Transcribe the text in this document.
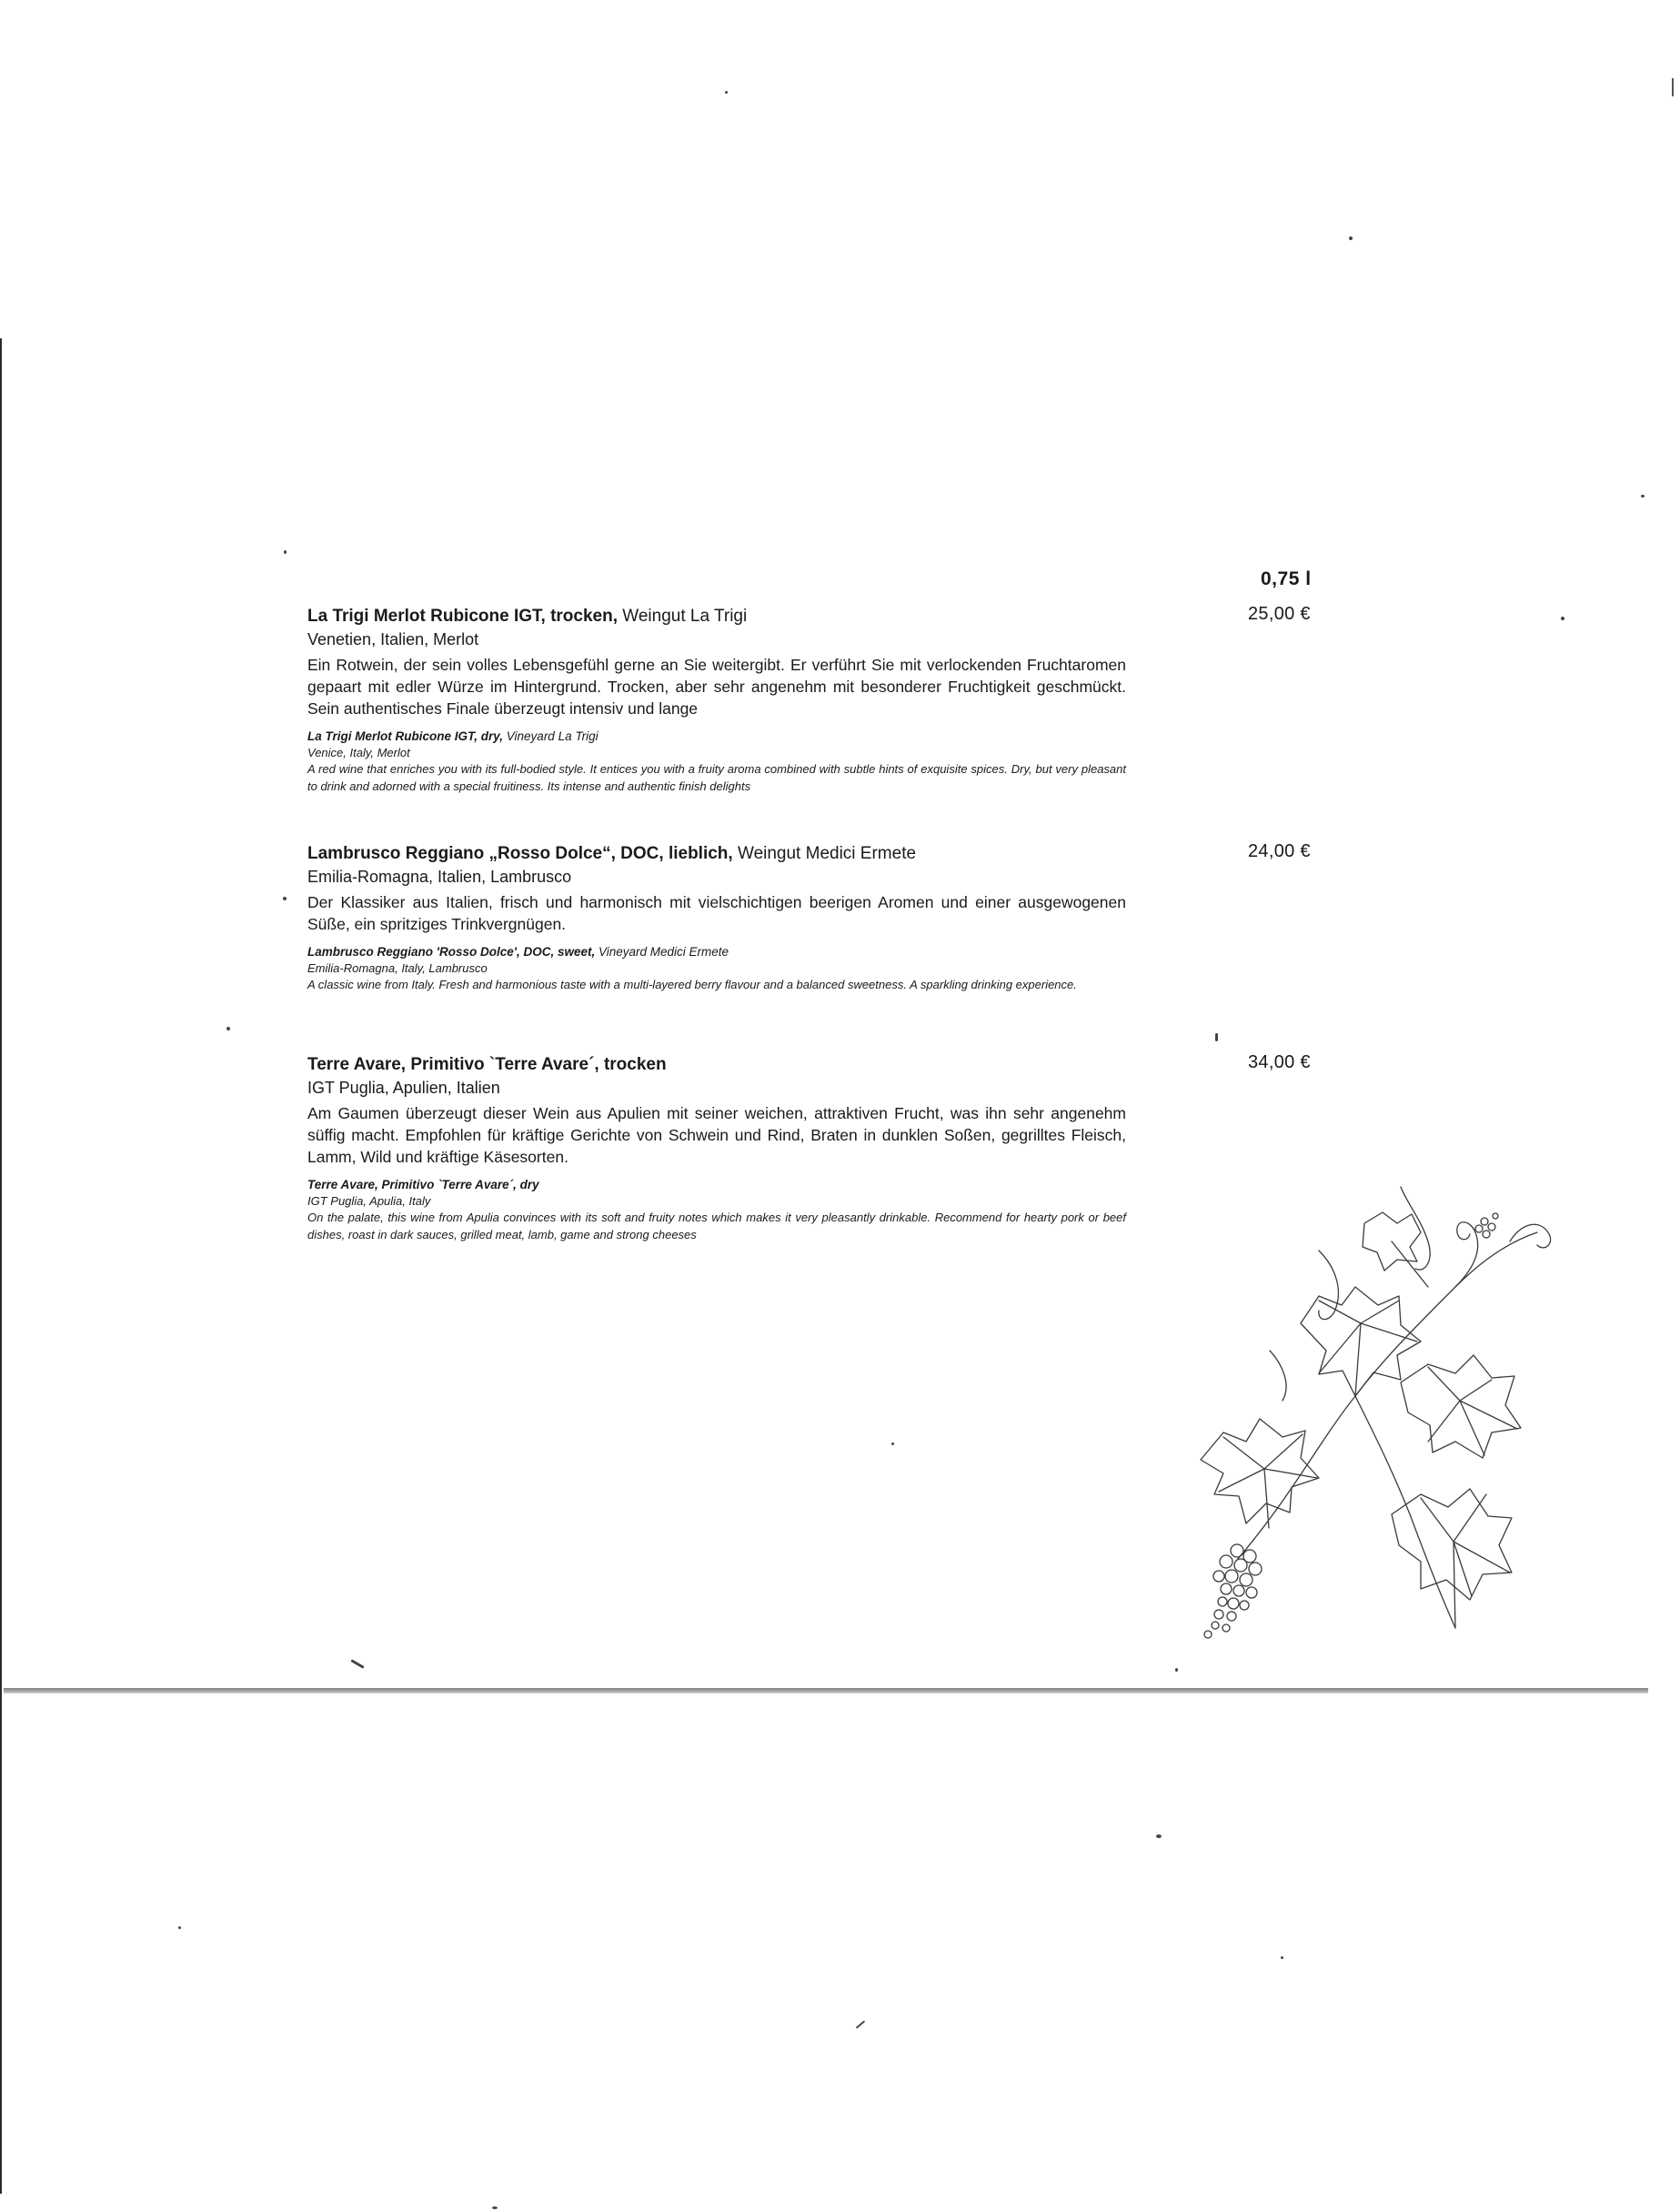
0,75 l
La Trigi Merlot Rubicone IGT, trocken, Weingut La Trigi
Venetien, Italien, Merlot
Ein Rotwein, der sein volles Lebensgefühl gerne an Sie weitergibt. Er verführt Sie mit verlockenden Fruchtaromen gepaart mit edler Würze im Hintergrund. Trocken, aber sehr angenehm mit besonderer Fruchtigkeit geschmückt. Sein authentisches Finale überzeugt intensiv und lange
La Trigi Merlot Rubicone IGT, dry, Vineyard La Trigi
Venice, Italy, Merlot
A red wine that enriches you with its full-bodied style. It entices you with a fruity aroma combined with subtle hints of exquisite spices. Dry, but very pleasant to drink and adorned with a special fruitiness. Its intense and authentic finish delights
25,00 €
Lambrusco Reggiano „Rosso Dolce“, DOC, lieblich, Weingut Medici Ermete
Emilia-Romagna, Italien, Lambrusco
Der Klassiker aus Italien, frisch und harmonisch mit vielschichtigen beerigen Aromen und einer ausgewogenen Süße, ein spritziges Trinkvergnügen.
Lambrusco Reggiano 'Rosso Dolce', DOC, sweet, Vineyard Medici Ermete
Emilia-Romagna, Italy, Lambrusco
A classic wine from Italy. Fresh and harmonious taste with a multi-layered berry flavour and a balanced sweetness. A sparkling drinking experience.
24,00 €
Terre Avare, Primitivo `Terre Avare´, trocken
IGT Puglia, Apulien, Italien
Am Gaumen überzeugt dieser Wein aus Apulien mit seiner weichen, attraktiven Frucht, was ihn sehr angenehm süffig macht. Empfohlen für kräftige Gerichte von Schwein und Rind, Braten in dunklen Soßen, gegrilltes Fleisch, Lamm, Wild und kräftige Käsesorten.
Terre Avare, Primitivo `Terre Avare´, dry
IGT Puglia, Apulia, Italy
On the palate, this wine from Apulia convinces with its soft and fruity notes which makes it very pleasantly drinkable. Recommend for hearty pork or beef dishes, roast in dark sauces, grilled meat, lamb, game and strong cheeses
34,00 €
